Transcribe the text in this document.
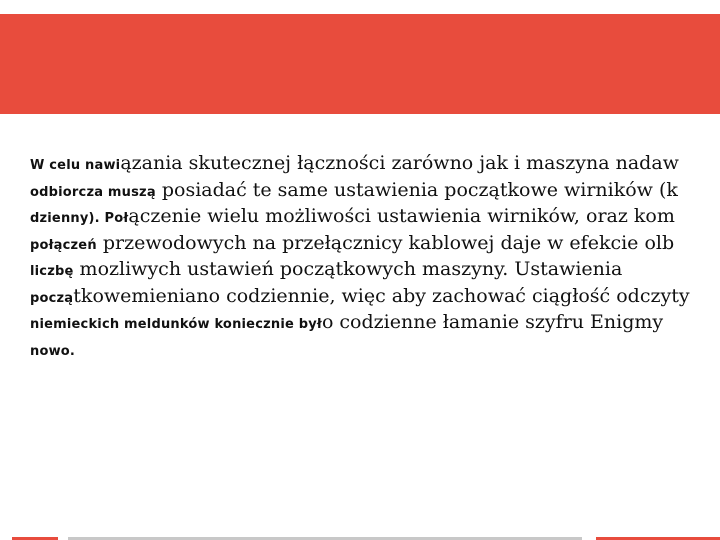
W celu nawiązania skutecznej łączności zarówno jak i maszyna nadaw
odbiorcza muszą posiadać te same ustawienia początkowe wirników (k
dzienny). Połączenie wielu możliwości ustawienia wirników, oraz kom
połączeń przewodowych na przełącznicy kablowej daje w efekcie olb
liczbę mozliwych ustawień początkowych maszyny. Ustawienia
początkowemieniano codziennie, więc aby zachować ciągłość odczyty
niemieckich meldunków koniecznie było codzienne łamanie szyfru Enigmy
nowo.
